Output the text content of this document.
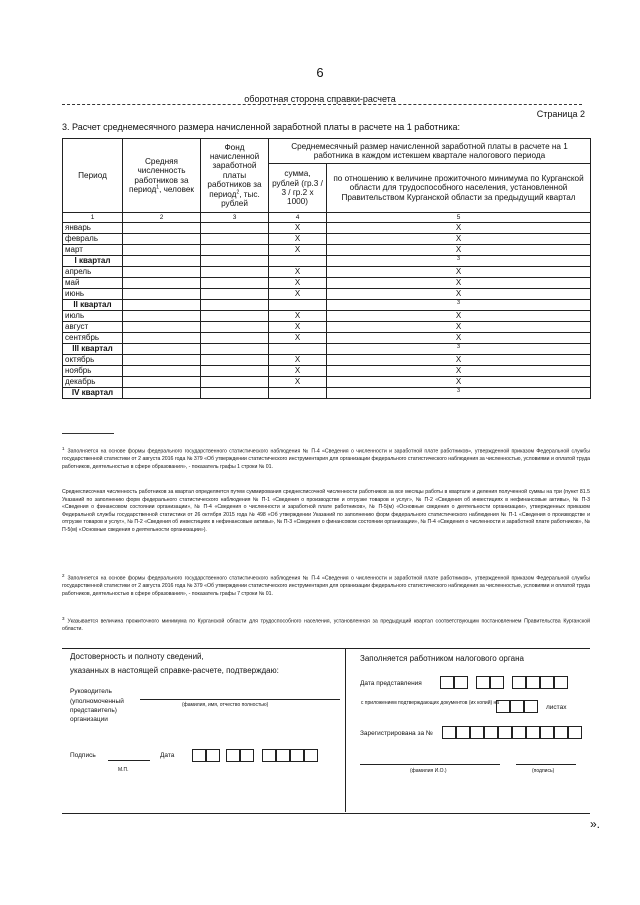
6
оборотная сторона справки-расчета
Страница 2
3. Расчет среднемесячного размера начисленной заработной платы в расчете на 1 работника:
Период	Средняя численность работников за период$^1$, человек	Фонд начисленной заработной платы работников за период$^2$, тыс. рублей	Среднемесячный размер начисленной заработной платы в расчете на 1 работника в каждом истекшем квартале налогового периода	
			сумма, рублей (гр.3 / 3 / гр.2 x 1000)	по отношению к величине прожиточного минимума по Курганской области для трудоспособного населения, установленной Правительством Курганской области за предыдущий квартал
1	2	3	4	5
январь			X	X
февраль			X	X
март			X	X
I квартал				$^3$
апрель			X	X
май			X	X
июнь			X	X
II квартал				$^3$
июль			X	X
август			X	X
сентябрь			X	X
III квартал				$^3$
октябрь			X	X
ноябрь			X	X
декабрь			X	X
IV квартал				$^3$
1Заполняется на основе формы федерального государственного статистического наблюдения № П-4 «Сведения о численности и заработной плате работников», утвержденной приказом Федеральной службы государственной статистики от 2 августа 2016 года № 379 «Об утверждении статистического инструментария для организации федерального статистического наблюдения за численностью, условиями и оплатой труда работников, деятельностью в сфере образования», - показатель графы 1 строки № 01.
Среднесписочная численность работников за квартал определяется путем суммирования среднесписочной численности работников за все месяцы работы в квартале и деления полученной суммы на три (пункт 81.5 Указаний по заполнению форм федерального статистического наблюдения № П-1 «Сведения о производстве и отгрузке товаров и услуг», № П-2 «Сведения об инвестициях в нефинансовые активы», № П-3 «Сведения о финансовом состоянии организации», № П-4 «Сведения о численности и заработной плате работников», № П-5(м) «Основные сведения о деятельности организации», утвержденных приказом Федеральной службы государственной статистики от 26 октября 2015 года № 498 «Об утверждении Указаний по заполнению форм федерального статистического наблюдения № П-1 «Сведения о производстве и отгрузке товаров и услуг», № П-2 «Сведения об инвестициях в нефинансовые активы», № П-3 «Сведения о финансовом состоянии организации», № П-4 «Сведения о численности и заработной плате работников», № П-5(м) «Основные сведения о деятельности организации»).
2Заполняется на основе формы федерального государственного статистического наблюдения № П-4 «Сведения о численности и заработной плате работников», утвержденной приказом Федеральной службы государственной статистики от 2 августа 2016 года № 379 «Об утверждении статистического инструментария для организации федерального статистического наблюдения за численностью, условиями и оплатой труда работников, деятельностью в сфере образования», - показатель графы 7 строки № 01.
3Указывается величина прожиточного минимума по Курганской области для трудоспособного населения, установленная за предыдущий квартал соответствующим постановлением Правительства Курганской области.
Достоверность и полноту сведений,
указанных в настоящей справке-расчете, подтверждаю:
Руководитель
(уполномоченный представитель) организации
(фамилия, имя, отчество полностью)
Подпись	Дата
М.П.
Заполняется работником налогового органа
Дата представления
с приложением подтверждающих документов (их копий) на
листах
Зарегистрирована за №
(фамилия И.О.)	(подпись)
».
